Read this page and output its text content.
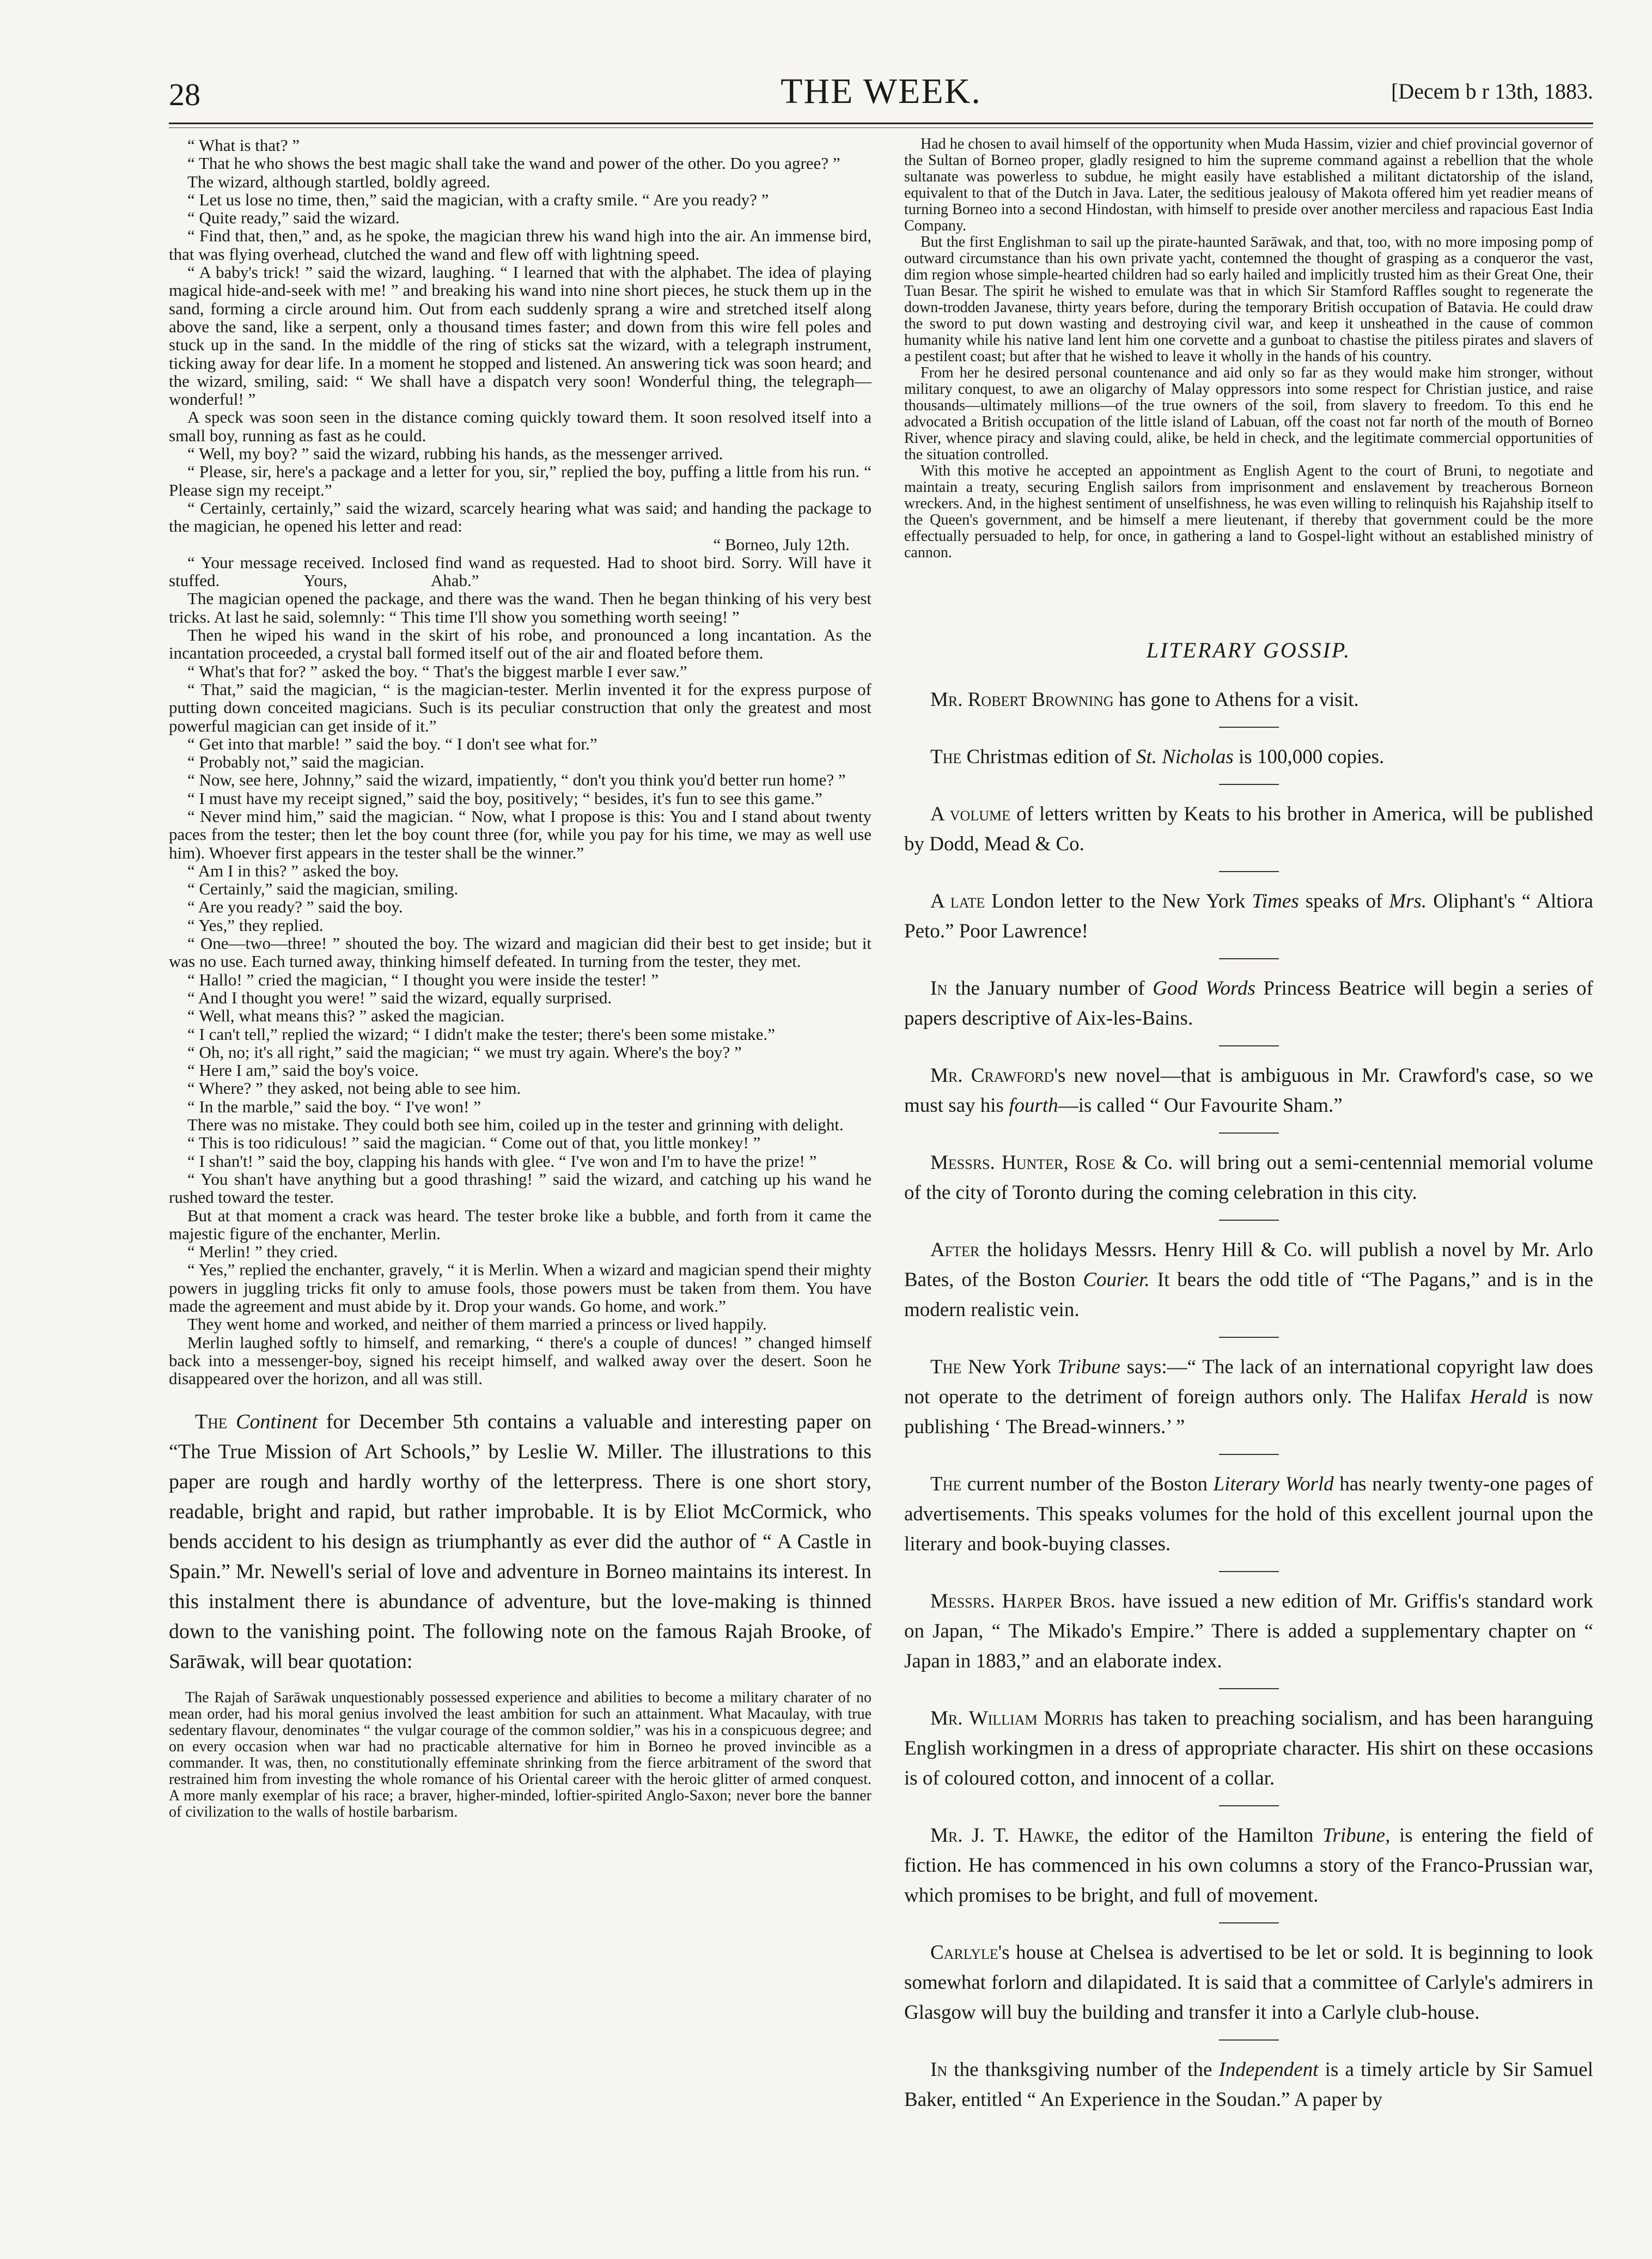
28	THE WEEK.	[Decem b r 13th, 1883.

“ What is that? ”

“ That he who shows the best magic shall take the wand and power of the other. Do you agree? ”

The wizard, although startled, boldly agreed.

“ Let us lose no time, then,” said the magician, with a crafty smile. “ Are you ready? ”

“ Quite ready,” said the wizard.

“ Find that, then,” and, as he spoke, the magician threw his wand high into the air. An immense bird, that was flying overhead, clutched the wand and flew off with lightning speed.

“ A baby's trick! ” said the wizard, laughing. “ I learned that with the alphabet. The idea of playing magical hide-and-seek with me! ” and breaking his wand into nine short pieces, he stuck them up in the sand, forming a circle around him. Out from each suddenly sprang a wire and stretched itself along above the sand, like a serpent, only a thousand times faster; and down from this wire fell poles and stuck up in the sand. In the middle of the ring of sticks sat the wizard, with a telegraph instrument, ticking away for dear life. In a moment he stopped and listened. An answering tick was soon heard; and the wizard, smiling, said: “ We shall have a dispatch very soon! Wonderful thing, the telegraph—wonderful! ”

A speck was soon seen in the distance coming quickly toward them. It soon resolved itself into a small boy, running as fast as he could.

“ Well, my boy? ” said the wizard, rubbing his hands, as the messenger arrived.

“ Please, sir, here's a package and a letter for you, sir,” replied the boy, puffing a little from his run. “ Please sign my receipt.”

“ Certainly, certainly,” said the wizard, scarcely hearing what was said; and handing the package to the magician, he opened his letter and read:

“ Borneo, July 12th.

“ Your message received. Inclosed find wand as requested. Had to shoot bird. Sorry. Will have it stuffed.                    Yours,                    Ahab.”

The magician opened the package, and there was the wand. Then he began thinking of his very best tricks. At last he said, solemnly: “ This time I'll show you something worth seeing! ”

Then he wiped his wand in the skirt of his robe, and pronounced a long incantation. As the incantation proceeded, a crystal ball formed itself out of the air and floated before them.

“ What's that for? ” asked the boy. “ That's the biggest marble I ever saw.”

“ That,” said the magician, “ is the magician-tester. Merlin invented it for the express purpose of putting down conceited magicians. Such is its peculiar construction that only the greatest and most powerful magician can get inside of it.”

“ Get into that marble! ” said the boy. “ I don't see what for.”

“ Probably not,” said the magician.

“ Now, see here, Johnny,” said the wizard, impatiently, “ don't you think you'd better run home? ”

“ I must have my receipt signed,” said the boy, positively; “ besides, it's fun to see this game.”

“ Never mind him,” said the magician. “ Now, what I propose is this: You and I stand about twenty paces from the tester; then let the boy count three (for, while you pay for his time, we may as well use him). Whoever first appears in the tester shall be the winner.”

“ Am I in this? ” asked the boy.

“ Certainly,” said the magician, smiling.

“ Are you ready? ” said the boy.

“ Yes,” they replied.

“ One—two—three! ” shouted the boy. The wizard and magician did their best to get inside; but it was no use. Each turned away, thinking himself defeated. In turning from the tester, they met.

“ Hallo! ” cried the magician, “ I thought you were inside the tester! ”

“ And I thought you were! ” said the wizard, equally surprised.

“ Well, what means this? ” asked the magician.

“ I can't tell,” replied the wizard; “ I didn't make the tester; there's been some mistake.”

“ Oh, no; it's all right,” said the magician; “ we must try again. Where's the boy? ”

“ Here I am,” said the boy's voice.

“ Where? ” they asked, not being able to see him.

“ In the marble,” said the boy. “ I've won! ”

There was no mistake. They could both see him, coiled up in the tester and grinning with delight.

“ This is too ridiculous! ” said the magician. “ Come out of that, you little monkey! ”

“ I shan't! ” said the boy, clapping his hands with glee. “ I've won and I'm to have the prize! ”

“ You shan't have anything but a good thrashing! ” said the wizard, and catching up his wand he rushed toward the tester.

But at that moment a crack was heard. The tester broke like a bubble, and forth from it came the majestic figure of the enchanter, Merlin.

“ Merlin! ” they cried.

“ Yes,” replied the enchanter, gravely, “ it is Merlin. When a wizard and magician spend their mighty powers in juggling tricks fit only to amuse fools, those powers must be taken from them. You have made the agreement and must abide by it. Drop your wands. Go home, and work.”

They went home and worked, and neither of them married a princess or lived happily.

Merlin laughed softly to himself, and remarking, “ there's a couple of dunces! ” changed himself back into a messenger-boy, signed his receipt himself, and walked away over the desert. Soon he disappeared over the horizon, and all was still.

The Continent for December 5th contains a valuable and interesting paper on “The True Mission of Art Schools,” by Leslie W. Miller. The illustrations to this paper are rough and hardly worthy of the letterpress. There is one short story, readable, bright and rapid, but rather improbable. It is by Eliot McCormick, who bends accident to his design as triumphantly as ever did the author of “ A Castle in Spain.” Mr. Newell's serial of love and adventure in Borneo maintains its interest. In this instalment there is abundance of adventure, but the love-making is thinned down to the vanishing point. The following note on the famous Rajah Brooke, of Sarāwak, will bear quotation:

The Rajah of Sarāwak unquestionably possessed experience and abilities to become a military charater of no mean order, had his moral genius involved the least ambition for such an attainment. What Macaulay, with true sedentary flavour, denominates “ the vulgar courage of the common soldier,” was his in a conspicuous degree; and on every occasion when war had no practicable alternative for him in Borneo he proved invincible as a commander. It was, then, no constitutionally effeminate shrinking from the fierce arbitrament of the sword that restrained him from investing the whole romance of his Oriental career with the heroic glitter of armed conquest. A more manly exemplar of his race; a braver, higher-minded, loftier-spirited Anglo-Saxon; never bore the banner of civilization to the walls of hostile barbarism.

Had he chosen to avail himself of the opportunity when Muda Hassim, vizier and chief provincial governor of the Sultan of Borneo proper, gladly resigned to him the supreme command against a rebellion that the whole sultanate was powerless to subdue, he might easily have established a militant dictatorship of the island, equivalent to that of the Dutch in Java. Later, the seditious jealousy of Makota offered him yet readier means of turning Borneo into a second Hindostan, with himself to preside over another merciless and rapacious East India Company.

But the first Englishman to sail up the pirate-haunted Sarāwak, and that, too, with no more imposing pomp of outward circumstance than his own private yacht, contemned the thought of grasping as a conqueror the vast, dim region whose simple-hearted children had so early hailed and implicitly trusted him as their Great One, their Tuan Besar. The spirit he wished to emulate was that in which Sir Stamford Raffles sought to regenerate the down-trodden Javanese, thirty years before, during the temporary British occupation of Batavia. He could draw the sword to put down wasting and destroying civil war, and keep it unsheathed in the cause of common humanity while his native land lent him one corvette and a gunboat to chastise the pitiless pirates and slavers of a pestilent coast; but after that he wished to leave it wholly in the hands of his country.

From her he desired personal countenance and aid only so far as they would make him stronger, without military conquest, to awe an oligarchy of Malay oppressors into some respect for Christian justice, and raise thousands—ultimately millions—of the true owners of the soil, from slavery to freedom. To this end he advocated a British occupation of the little island of Labuan, off the coast not far north of the mouth of Borneo River, whence piracy and slaving could, alike, be held in check, and the legitimate commercial opportunities of the situation controlled.

With this motive he accepted an appointment as English Agent to the court of Bruni, to negotiate and maintain a treaty, securing English sailors from imprisonment and enslavement by treacherous Borneon wreckers. And, in the highest sentiment of unselfishness, he was even willing to relinquish his Rajahship itself to the Queen's government, and be himself a mere lieutenant, if thereby that government could be the more effectually persuaded to help, for once, in gathering a land to Gospel-light without an established ministry of cannon.

LITERARY GOSSIP.

Mr. Robert Browning has gone to Athens for a visit.

The Christmas edition of St. Nicholas is 100,000 copies.

A volume of letters written by Keats to his brother in America, will be published by Dodd, Mead & Co.

A late London letter to the New York Times speaks of Mrs. Oliphant's “ Altiora Peto.” Poor Lawrence!

In the January number of Good Words Princess Beatrice will begin a series of papers descriptive of Aix-les-Bains.

Mr. Crawford's new novel—that is ambiguous in Mr. Crawford's case, so we must say his fourth—is called “ Our Favourite Sham.”

Messrs. Hunter, Rose & Co. will bring out a semi-centennial memorial volume of the city of Toronto during the coming celebration in this city.

After the holidays Messrs. Henry Hill & Co. will publish a novel by Mr. Arlo Bates, of the Boston Courier. It bears the odd title of “The Pagans,” and is in the modern realistic vein.

The New York Tribune says:—“ The lack of an international copyright law does not operate to the detriment of foreign authors only. The Halifax Herald is now publishing ‘ The Bread-winners.’ ”

The current number of the Boston Literary World has nearly twenty-one pages of advertisements. This speaks volumes for the hold of this excellent journal upon the literary and book-buying classes.

Messrs. Harper Bros. have issued a new edition of Mr. Griffis's standard work on Japan, “ The Mikado's Empire.” There is added a supplementary chapter on “ Japan in 1883,” and an elaborate index.

Mr. William Morris has taken to preaching socialism, and has been haranguing English workingmen in a dress of appropriate character. His shirt on these occasions is of coloured cotton, and innocent of a collar.

Mr. J. T. Hawke, the editor of the Hamilton Tribune, is entering the field of fiction. He has commenced in his own columns a story of the Franco-Prussian war, which promises to be bright, and full of movement.

Carlyle's house at Chelsea is advertised to be let or sold. It is beginning to look somewhat forlorn and dilapidated. It is said that a committee of Carlyle's admirers in Glasgow will buy the building and transfer it into a Carlyle club-house.

In the thanksgiving number of the Independent is a timely article by Sir Samuel Baker, entitled “ An Experience in the Soudan.” A paper by
